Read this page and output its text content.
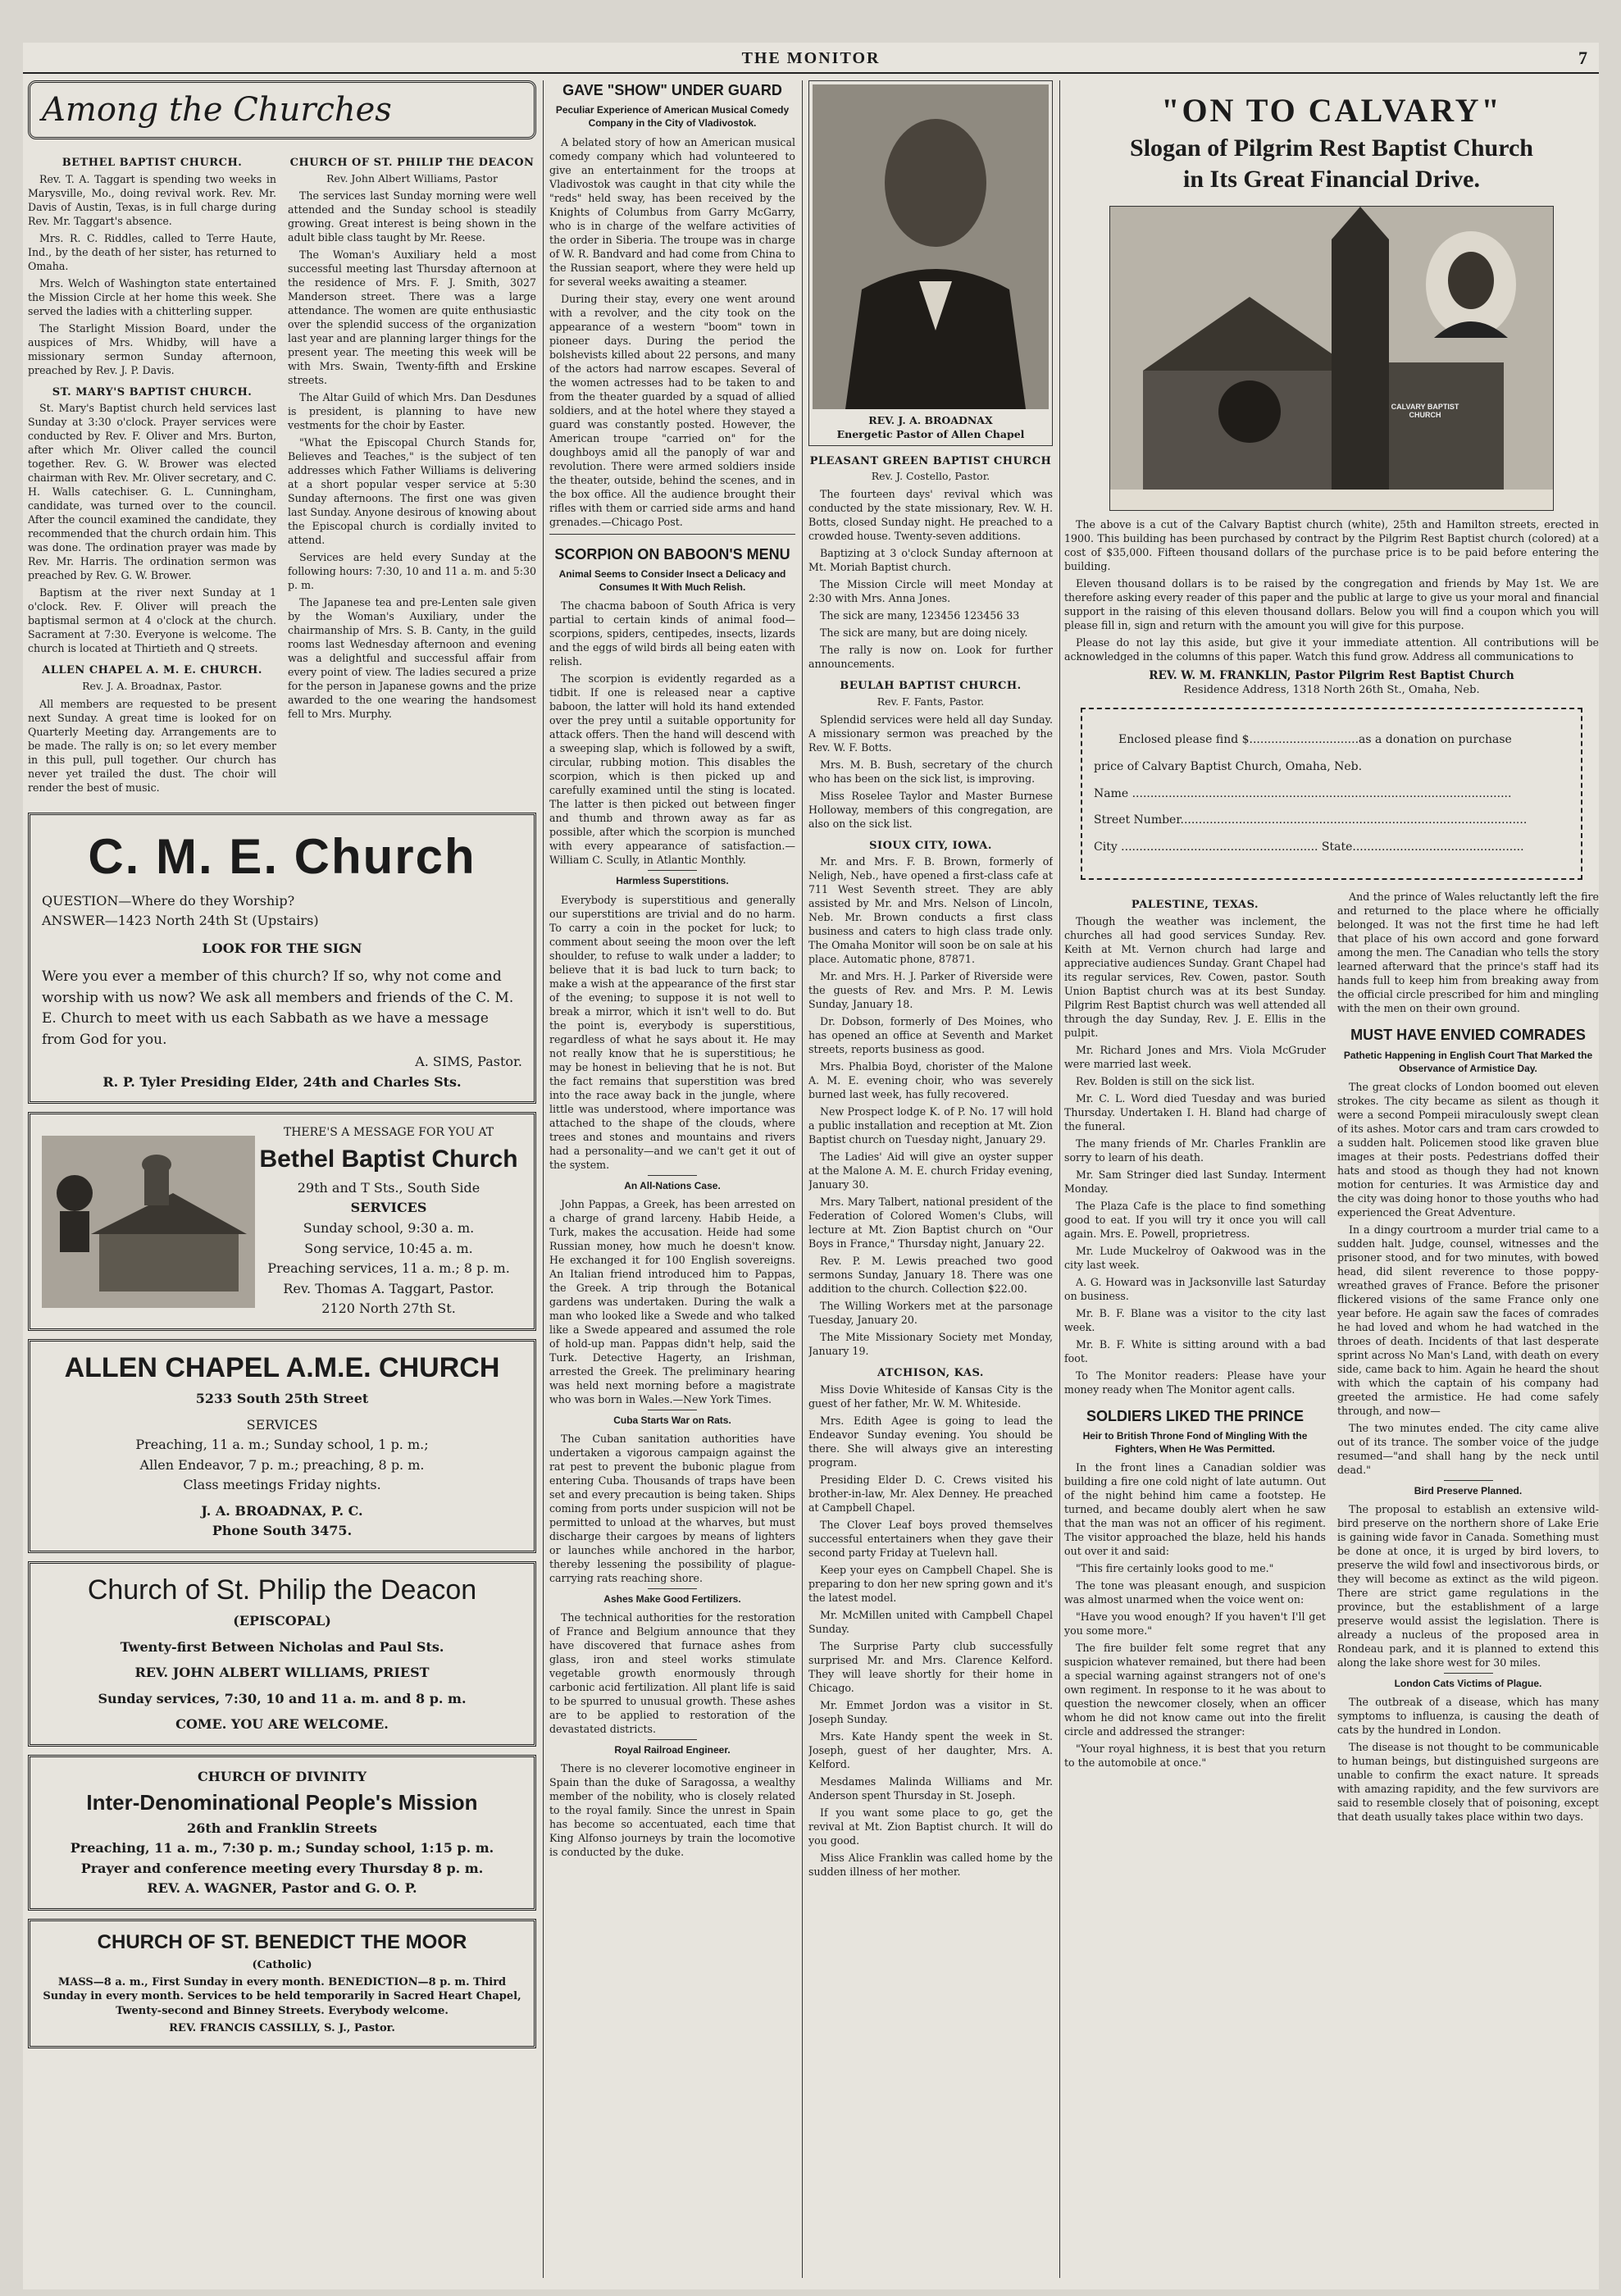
THE MONITOR	7
Among the Churches
BETHEL BAPTIST CHURCH.

Rev. T. A. Taggart is spending two weeks in Marysville, Mo., doing revival work. Rev. Mr. Davis of Austin, Texas, is in full charge during Rev. Mr. Taggart's absence.

Mrs. R. C. Riddles, called to Terre Haute, Ind., by the death of her sister, has returned to Omaha.

Mrs. Welch of Washington state entertained the Mission Circle at her home this week. She served the ladies with a chitterling supper.

The Starlight Mission Board, under the auspices of Mrs. Whidby, will have a missionary sermon Sunday afternoon, preached by Rev. J. P. Davis.

ST. MARY'S BAPTIST CHURCH.

St. Mary's Baptist church held services last Sunday at 3:30 o'clock. Prayer services were conducted by Rev. F. Oliver and Mrs. Burton, after which Mr. Oliver called the council together. Rev. G. W. Brower was elected chairman with Rev. Mr. Oliver secretary, and C. H. Walls catechiser. G. L. Cunningham, candidate, was turned over to the council. After the council examined the candidate, they recommended that the church ordain him. This was done. The ordination prayer was made by Rev. Mr. Harris. The ordination sermon was preached by Rev. G. W. Brower.

Baptism at the river next Sunday at 1 o'clock. Rev. F. Oliver will preach the baptismal sermon at 4 o'clock at the church. Sacrament at 7:30. Everyone is welcome. The church is located at Thirtieth and Q streets.

ALLEN CHAPEL A. M. E. CHURCH.
Rev. J. A. Broadnax, Pastor.

All members are requested to be present next Sunday. A great time is looked for on Quarterly Meeting day. Arrangements are to be made. The rally is on; so let every member in this pull, pull together. Our church has never yet trailed the dust. The choir will render the best of music.

CHURCH OF ST. PHILIP THE DEACON
Rev. John Albert Williams, Pastor

The services last Sunday morning were well attended and the Sunday school is steadily growing. Great interest is being shown in the adult bible class taught by Mr. Reese.

The Woman's Auxiliary held a most successful meeting last Thursday afternoon at the residence of Mrs. F. J. Smith, 3027 Manderson street. There was a large attendance. The women are quite enthusiastic over the splendid success of the organization last year and are planning larger things for the present year. The meeting this week will be with Mrs. Swain, Twenty-fifth and Erskine streets.

The Altar Guild of which Mrs. Dan Desdunes is president, is planning to have new vestments for the choir by Easter.

"What the Episcopal Church Stands for, Believes and Teaches," is the subject of ten addresses which Father Williams is delivering at a short popular vesper service at 5:30 Sunday afternoons. The first one was given last Sunday. Anyone desirous of knowing about the Episcopal church is cordially invited to attend.

Services are held every Sunday at the following hours: 7:30, 10 and 11 a. m. and 5:30 p. m.

The Japanese tea and pre-Lenten sale given by the Woman's Auxiliary, under the chairmanship of Mrs. S. B. Canty, in the guild rooms last Wednesday afternoon and evening was a delightful and successful affair from every point of view. The ladies secured a prize for the person in Japanese gowns and the prize awarded to the one wearing the handsomest fell to Mrs. Murphy.

C. M. E. Church
QUESTION—Where do they Worship?
ANSWER—1423 North 24th St (Upstairs)
LOOK FOR THE SIGN
Were you ever a member of this church? If so, why not come and worship with us now? We ask all members and friends of the C. M. E. Church to meet with us each Sabbath as we have a message from God for you.
A. SIMS, Pastor.
R. P. Tyler Presiding Elder, 24th and Charles Sts.
THERE'S A MESSAGE FOR YOU AT
Bethel Baptist Church
29th and T Sts., South Side
SERVICES
Sunday school, 9:30 a. m.
Song service, 10:45 a. m.
Preaching services, 11 a. m.; 8 p. m.
Rev. Thomas A. Taggart, Pastor.
2120 North 27th St.
ALLEN CHAPEL A.M.E. CHURCH
5233 South 25th Street
SERVICES
Preaching, 11 a. m.; Sunday school, 1 p. m.;
Allen Endeavor, 7 p. m.; preaching, 8 p. m.
Class meetings Friday nights.
J. A. BROADNAX, P. C.
Phone South 3475.
Church of St. Philip the Deacon
(EPISCOPAL)
Twenty-first Between Nicholas and Paul Sts.
REV. JOHN ALBERT WILLIAMS, PRIEST
Sunday services, 7:30, 10 and 11 a. m. and 8 p. m.
COME. YOU ARE WELCOME.
CHURCH OF DIVINITY
Inter-Denominational People's Mission
26th and Franklin Streets
Preaching, 11 a. m., 7:30 p. m.; Sunday school, 1:15 p. m.
Prayer and conference meeting every Thursday 8 p. m.
REV. A. WAGNER, Pastor and G. O. P.
CHURCH OF ST. BENEDICT THE MOOR
(Catholic)
MASS—8 a. m., First Sunday in every month. BENEDICTION—8 p. m. Third Sunday in every month. Services to be held temporarily in Sacred Heart Chapel, Twenty-second and Binney Streets. Everybody welcome.
REV. FRANCIS CASSILLY, S. J., Pastor.
GAVE "SHOW" UNDER GUARD
Peculiar Experience of American Musical Comedy Company in the City of Vladivostok.

A belated story of how an American musical comedy company which had volunteered to give an entertainment for the troops at Vladivostok was caught in that city while the "reds" held sway, has been received by the Knights of Columbus from Garry McGarry, who is in charge of the welfare activities of the order in Siberia. The troupe was in charge of W. R. Bandvard and had come from China to the Russian seaport, where they were held up for several weeks awaiting a steamer.

During their stay, every one went around with a revolver, and the city took on the appearance of a western "boom" town in pioneer days. During the period the bolshevists killed about 22 persons, and many of the actors had narrow escapes. Several of the women actresses had to be taken to and from the theater guarded by a squad of allied soldiers, and at the hotel where they stayed a guard was constantly posted. However, the American troupe "carried on" for the doughboys amid all the panoply of war and revolution. There were armed soldiers inside the theater, outside, behind the scenes, and in the box office. All the audience brought their rifles with them or carried side arms and hand grenades.—Chicago Post.

SCORPION ON BABOON'S MENU
Animal Seems to Consider Insect a Delicacy and Consumes It With Much Relish.

The chacma baboon of South Africa is very partial to certain kinds of animal food—scorpions, spiders, centipedes, insects, lizards and the eggs of wild birds all being eaten with relish.

The scorpion is evidently regarded as a tidbit. If one is released near a captive baboon, the latter will hold its hand extended over the prey until a suitable opportunity for attack offers. Then the hand will descend with a sweeping slap, which is followed by a swift, circular, rubbing motion. This disables the scorpion, which is then picked up and carefully examined until the sting is located. The latter is then picked out between finger and thumb and thrown away as far as possible, after which the scorpion is munched with every appearance of satisfaction.—William C. Scully, in Atlantic Monthly.

Harmless Superstitions.

Everybody is superstitious and generally our superstitions are trivial and do no harm. To carry a coin in the pocket for luck; to comment about seeing the moon over the left shoulder, to refuse to walk under a ladder; to believe that it is bad luck to turn back; to make a wish at the appearance of the first star of the evening; to suppose it is not well to break a mirror, which it isn't well to do. But the point is, everybody is superstitious, regardless of what he says about it. He may not really know that he is superstitious; he may be honest in believing that he is not. But the fact remains that superstition was bred into the race away back in the jungle, where little was understood, where importance was attached to the shape of the clouds, where trees and stones and mountains and rivers had a personality—and we can't get it out of the system.

An All-Nations Case.

John Pappas, a Greek, has been arrested on a charge of grand larceny. Habib Heide, a Turk, makes the accusation. Heide had some Russian money, how much he doesn't know. He exchanged it for 100 English sovereigns. An Italian friend introduced him to Pappas, the Greek. A trip through the Botanical gardens was undertaken. During the walk a man who looked like a Swede and who talked like a Swede appeared and assumed the role of hold-up man. Pappas didn't help, said the Turk. Detective Hagerty, an Irishman, arrested the Greek. The preliminary hearing was held next morning before a magistrate who was born in Wales.—New York Times.

Cuba Starts War on Rats.

The Cuban sanitation authorities have undertaken a vigorous campaign against the rat pest to prevent the bubonic plague from entering Cuba. Thousands of traps have been set and every precaution is being taken. Ships coming from ports under suspicion will not be permitted to unload at the wharves, but must discharge their cargoes by means of lighters or launches while anchored in the harbor, thereby lessening the possibility of plague-carrying rats reaching shore.

Ashes Make Good Fertilizers.

The technical authorities for the restoration of France and Belgium announce that they have discovered that furnace ashes from glass, iron and steel works stimulate vegetable growth enormously through carbonic acid fertilization. All plant life is said to be spurred to unusual growth. These ashes are to be applied to restoration of the devastated districts.

Royal Railroad Engineer.

There is no cleverer locomotive engineer in Spain than the duke of Saragossa, a wealthy member of the nobility, who is closely related to the royal family. Since the unrest in Spain has become so accentuated, each time that King Alfonso journeys by train the locomotive is conducted by the duke.

REV. J. A. BROADNAX
Energetic Pastor of Allen Chapel
PLEASANT GREEN BAPTIST CHURCH
Rev. J. Costello, Pastor.

The fourteen days' revival which was conducted by the state missionary, Rev. W. H. Botts, closed Sunday night. He preached to a crowded house. Twenty-seven additions.

Baptizing at 3 o'clock Sunday afternoon at Mt. Moriah Baptist church.

The Mission Circle will meet Monday at 2:30 with Mrs. Anna Jones.

The sick are many, 123456 123456 33

The sick are many, but are doing nicely.

The rally is now on. Look for further announcements.

BEULAH BAPTIST CHURCH.
Rev. F. Fants, Pastor.

Splendid services were held all day Sunday. A missionary sermon was preached by the Rev. W. F. Botts.

Mrs. M. B. Bush, secretary of the church who has been on the sick list, is improving.

Miss Roselee Taylor and Master Burnese Holloway, members of this congregation, are also on the sick list.

SIOUX CITY, IOWA.

Mr. and Mrs. F. B. Brown, formerly of Neligh, Neb., have opened a first-class cafe at 711 West Seventh street. They are ably assisted by Mr. and Mrs. Nelson of Lincoln, Neb. Mr. Brown conducts a first class business and caters to high class trade only. The Omaha Monitor will soon be on sale at his place. Automatic phone, 87871.

Mr. and Mrs. H. J. Parker of Riverside were the guests of Rev. and Mrs. P. M. Lewis Sunday, January 18.

Dr. Dobson, formerly of Des Moines, who has opened an office at Seventh and Market streets, reports business as good.

Mrs. Phalbia Boyd, chorister of the Malone A. M. E. evening choir, who was severely burned last week, has fully recovered.

New Prospect lodge K. of P. No. 17 will hold a public installation and reception at Mt. Zion Baptist church on Tuesday night, January 29.

The Ladies' Aid will give an oyster supper at the Malone A. M. E. church Friday evening, January 30.

Mrs. Mary Talbert, national president of the Federation of Colored Women's Clubs, will lecture at Mt. Zion Baptist church on "Our Boys in France," Thursday night, January 22.

Rev. P. M. Lewis preached two good sermons Sunday, January 18. There was one addition to the church. Collection $22.00.

The Willing Workers met at the parsonage Tuesday, January 20.

The Mite Missionary Society met Monday, January 19.

ATCHISON, KAS.

Miss Dovie Whiteside of Kansas City is the guest of her father, Mr. W. M. Whiteside.

Mrs. Edith Agee is going to lead the Endeavor Sunday evening. You should be there. She will always give an interesting program.

Presiding Elder D. C. Crews visited his brother-in-law, Mr. Alex Denney. He preached at Campbell Chapel.

The Clover Leaf boys proved themselves successful entertainers when they gave their second party Friday at Tuelevn hall.

Keep your eyes on Campbell Chapel. She is preparing to don her new spring gown and it's the latest model.

Mr. McMillen united with Campbell Chapel Sunday.

The Surprise Party club successfully surprised Mr. and Mrs. Clarence Kelford. They will leave shortly for their home in Chicago.

Mr. Emmet Jordon was a visitor in St. Joseph Sunday.

Mrs. Kate Handy spent the week in St. Joseph, guest of her daughter, Mrs. A. Kelford.

Mesdames Malinda Williams and Mr. Anderson spent Thursday in St. Joseph.

If you want some place to go, get the revival at Mt. Zion Baptist church. It will do you good.

Miss Alice Franklin was called home by the sudden illness of her mother.

"ON TO CALVARY"
Slogan of Pilgrim Rest Baptist Church
in Its Great Financial Drive.
CALVARY BAPTIST CHURCH

The above is a cut of the Calvary Baptist church (white), 25th and Hamilton streets, erected in 1900. This building has been purchased by contract by the Pilgrim Rest Baptist church (colored) at a cost of $35,000. Fifteen thousand dollars of the purchase price is to be paid before entering the building.

Eleven thousand dollars is to be raised by the congregation and friends by May 1st. We are therefore asking every reader of this paper and the public at large to give us your moral and financial support in the raising of this eleven thousand dollars. Below you will find a coupon which you will please fill in, sign and return with the amount you will give for this purpose.

Please do not lay this aside, but give it your immediate attention. All contributions will be acknowledged in the columns of this paper. Watch this fund grow. Address all communications to

REV. W. M. FRANKLIN, Pastor Pilgrim Rest Baptist Church
Residence Address, 1318 North 26th St., Omaha, Neb.
Enclosed please find $..............................as a donation on purchase
price of Calvary Baptist Church, Omaha, Neb.
Name ........................................................................................................
Street Number...............................................................................................
City ...................................................... State...............................................
PALESTINE, TEXAS.

Though the weather was inclement, the churches all had good services Sunday. Rev. Keith at Mt. Vernon church had large and appreciative audiences Sunday. Grant Chapel had its regular services, Rev. Cowen, pastor. South Union Baptist church was at its best Sunday. Pilgrim Rest Baptist church was well attended all through the day Sunday, Rev. J. E. Ellis in the pulpit.

Mr. Richard Jones and Mrs. Viola McGruder were married last week.

Rev. Bolden is still on the sick list.

Mr. C. L. Word died Tuesday and was buried Thursday. Undertaken I. H. Bland had charge of the funeral.

The many friends of Mr. Charles Franklin are sorry to learn of his death.

Mr. Sam Stringer died last Sunday. Interment Monday.

The Plaza Cafe is the place to find something good to eat. If you will try it once you will call again. Mrs. E. Powell, proprietress.

Mr. Lude Muckelroy of Oakwood was in the city last week.

A. G. Howard was in Jacksonville last Saturday on business.

Mr. B. F. Blane was a visitor to the city last week.

Mr. B. F. White is sitting around with a bad foot.

To The Monitor readers: Please have your money ready when The Monitor agent calls.

SOLDIERS LIKED THE PRINCE
Heir to British Throne Fond of Mingling With the Fighters, When He Was Permitted.

In the front lines a Canadian soldier was building a fire one cold night of late autumn. Out of the night behind him came a footstep. He turned, and became doubly alert when he saw that the man was not an officer of his regiment. The visitor approached the blaze, held his hands out over it and said:

"This fire certainly looks good to me."

The tone was pleasant enough, and suspicion was almost unarmed when the voice went on:

"Have you wood enough? If you haven't I'll get you some more."

The fire builder felt some regret that any suspicion whatever remained, but there had been a special warning against strangers not of one's own regiment. In response to it he was about to question the newcomer closely, when an officer whom he did not know came out into the firelit circle and addressed the stranger:

"Your royal highness, it is best that you return to the automobile at once."

And the prince of Wales reluctantly left the fire and returned to the place where he officially belonged. It was not the first time he had left that place of his own accord and gone forward among the men. The Canadian who tells the story learned afterward that the prince's staff had its hands full to keep him from breaking away from the official circle prescribed for him and mingling with the men on their own ground.

MUST HAVE ENVIED COMRADES
Pathetic Happening in English Court That Marked the Observance of Armistice Day.

The great clocks of London boomed out eleven strokes. The city became as silent as though it were a second Pompeii miraculously swept clean of its ashes. Motor cars and tram cars crowded to a sudden halt. Policemen stood like graven blue images at their posts. Pedestrians doffed their hats and stood as though they had not known motion for centuries. It was Armistice day and the city was doing honor to those youths who had experienced the Great Adventure.

In a dingy courtroom a murder trial came to a sudden halt. Judge, counsel, witnesses and the prisoner stood, and for two minutes, with bowed head, did silent reverence to those poppy-wreathed graves of France. Before the prisoner flickered visions of the same France only one year before. He again saw the faces of comrades he had loved and whom he had watched in the throes of death. Incidents of that last desperate sprint across No Man's Land, with death on every side, came back to him. Again he heard the shout with which the captain of his company had greeted the armistice. He had come safely through, and now—

The two minutes ended. The city came alive out of its trance. The somber voice of the judge resumed—"and shall hang by the neck until dead."

Bird Preserve Planned.

The proposal to establish an extensive wild-bird preserve on the northern shore of Lake Erie is gaining wide favor in Canada. Something must be done at once, it is urged by bird lovers, to preserve the wild fowl and insectivorous birds, or they will become as extinct as the wild pigeon. There are strict game regulations in the province, but the establishment of a large preserve would assist the legislation. There is already a nucleus of the proposed area in Rondeau park, and it is planned to extend this along the lake shore west for 30 miles.

London Cats Victims of Plague.

The outbreak of a disease, which has many symptoms to influenza, is causing the death of cats by the hundred in London.

The disease is not thought to be communicable to human beings, but distinguished surgeons are unable to confirm the exact nature. It spreads with amazing rapidity, and the few survivors are said to resemble closely that of poisoning, except that death usually takes place within two days.
